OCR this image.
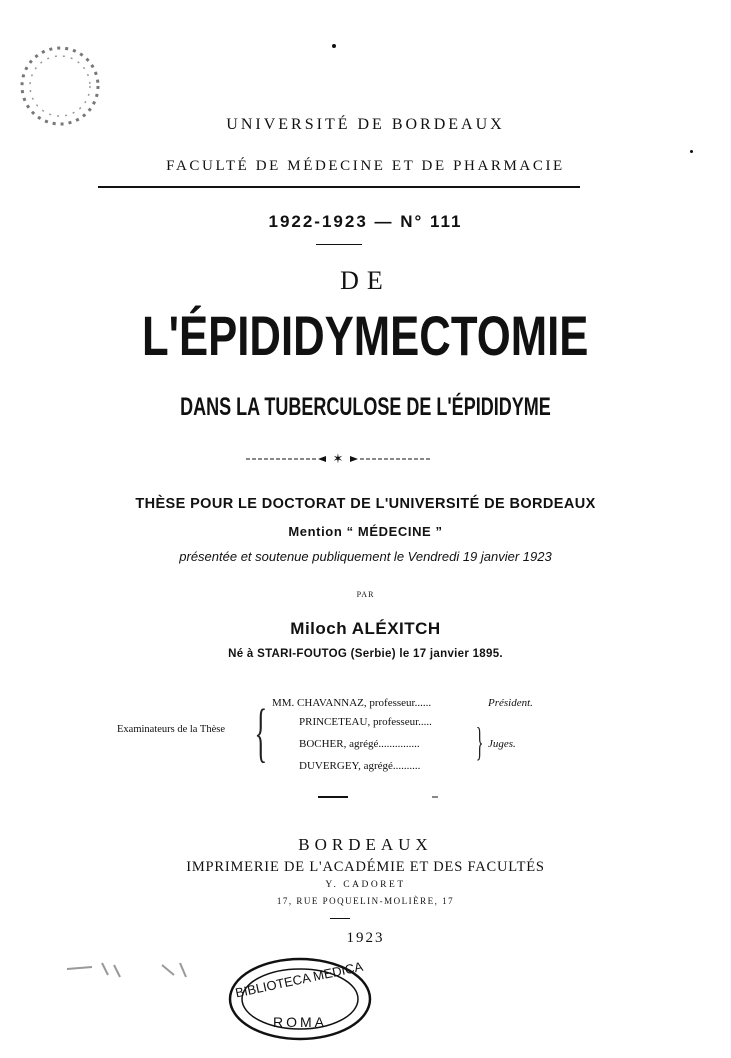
UNIVERSITÉ DE BORDEAUX
FACULTÉ DE MÉDECINE ET DE PHARMACIE
1922-1923 — N° 111
DE
L'ÉPIDIDYMECTOMIE
DANS LA TUBERCULOSE DE L'ÉPIDIDYME
✶
THÈSE POUR LE DOCTORAT DE L'UNIVERSITÉ DE BORDEAUX
Mention “ MÉDECINE ”
présentée et soutenue publiquement le Vendredi 19 janvier 1923
PAR
Miloch ALÉXITCH
Né à STARI-FOUTOG (Serbie) le 17 janvier 1895.
Examinateurs de la Thèse { MM. CHAVANNAZ, professeur......
PRINCETEAU, professeur.....
BOCHER, agrégé...............
DUVERGEY, agrégé..........
}
Président.
Juges.
BORDEAUX
IMPRIMERIE DE L'ACADÉMIE ET DES FACULTÉS
Y. CADORET
17, RUE POQUELIN-MOLIÈRE, 17
1923
BIBLIOTECA MEDICA
ROMA
